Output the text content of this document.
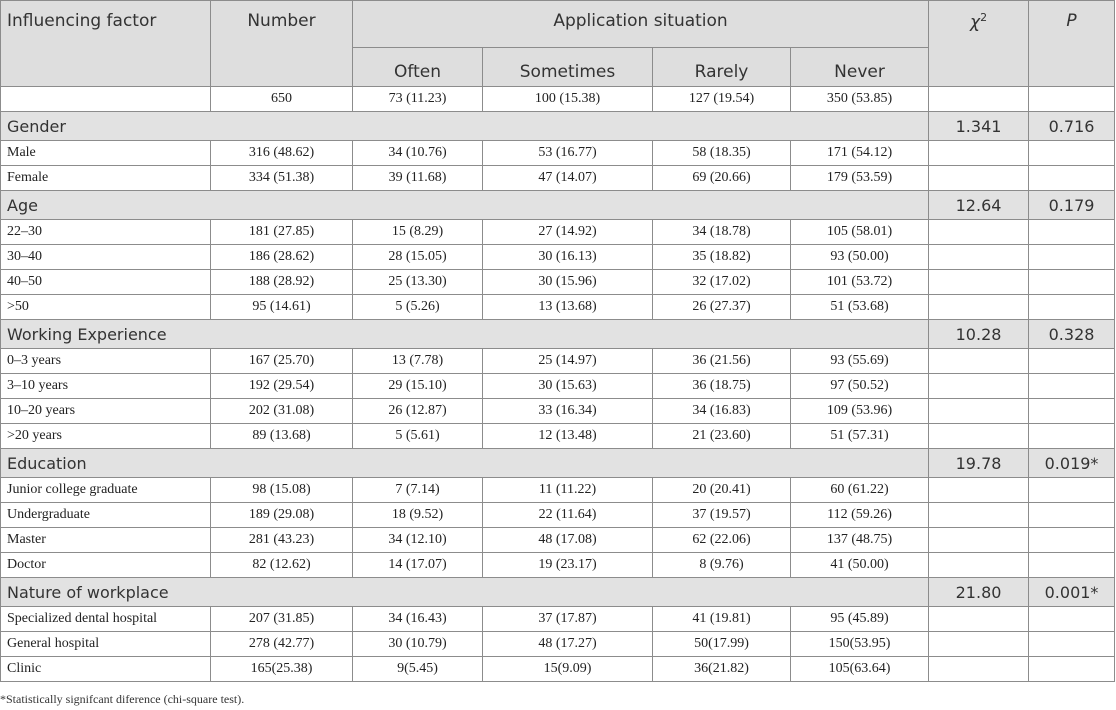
Influencing factor	Number	Application situation				$\chi^2$	P
		Often	Sometimes	Rarely	Never		
	650	73 (11.23)	100 (15.38)	127 (19.54)	350 (53.85)		
Gender						1.341	0.716
Male	316 (48.62)	34 (10.76)	53 (16.77)	58 (18.35)	171 (54.12)		
Female	334 (51.38)	39 (11.68)	47 (14.07)	69 (20.66)	179 (53.59)		
Age						12.64	0.179
22–30	181 (27.85)	15 (8.29)	27 (14.92)	34 (18.78)	105 (58.01)		
30–40	186 (28.62)	28 (15.05)	30 (16.13)	35 (18.82)	93 (50.00)		
40–50	188 (28.92)	25 (13.30)	30 (15.96)	32 (17.02)	101 (53.72)		
>50	95 (14.61)	5 (5.26)	13 (13.68)	26 (27.37)	51 (53.68)		
Working Experience						10.28	0.328
0–3 years	167 (25.70)	13 (7.78)	25 (14.97)	36 (21.56)	93 (55.69)		
3–10 years	192 (29.54)	29 (15.10)	30 (15.63)	36 (18.75)	97 (50.52)		
10–20 years	202 (31.08)	26 (12.87)	33 (16.34)	34 (16.83)	109 (53.96)		
>20 years	89 (13.68)	5 (5.61)	12 (13.48)	21 (23.60)	51 (57.31)		
Education						19.78	0.019*
Junior college graduate	98 (15.08)	7 (7.14)	11 (11.22)	20 (20.41)	60 (61.22)		
Undergraduate	189 (29.08)	18 (9.52)	22 (11.64)	37 (19.57)	112 (59.26)		
Master	281 (43.23)	34 (12.10)	48 (17.08)	62 (22.06)	137 (48.75)		
Doctor	82 (12.62)	14 (17.07)	19 (23.17)	8 (9.76)	41 (50.00)		
Nature of workplace						21.80	0.001*
Specialized dental hospital	207 (31.85)	34 (16.43)	37 (17.87)	41 (19.81)	95 (45.89)		
General hospital	278 (42.77)	30 (10.79)	48 (17.27)	50(17.99)	150(53.95)		
Clinic	165(25.38)	9(5.45)	15(9.09)	36(21.82)	105(63.64)		
*Statistically signifcant diference (chi-square test).
